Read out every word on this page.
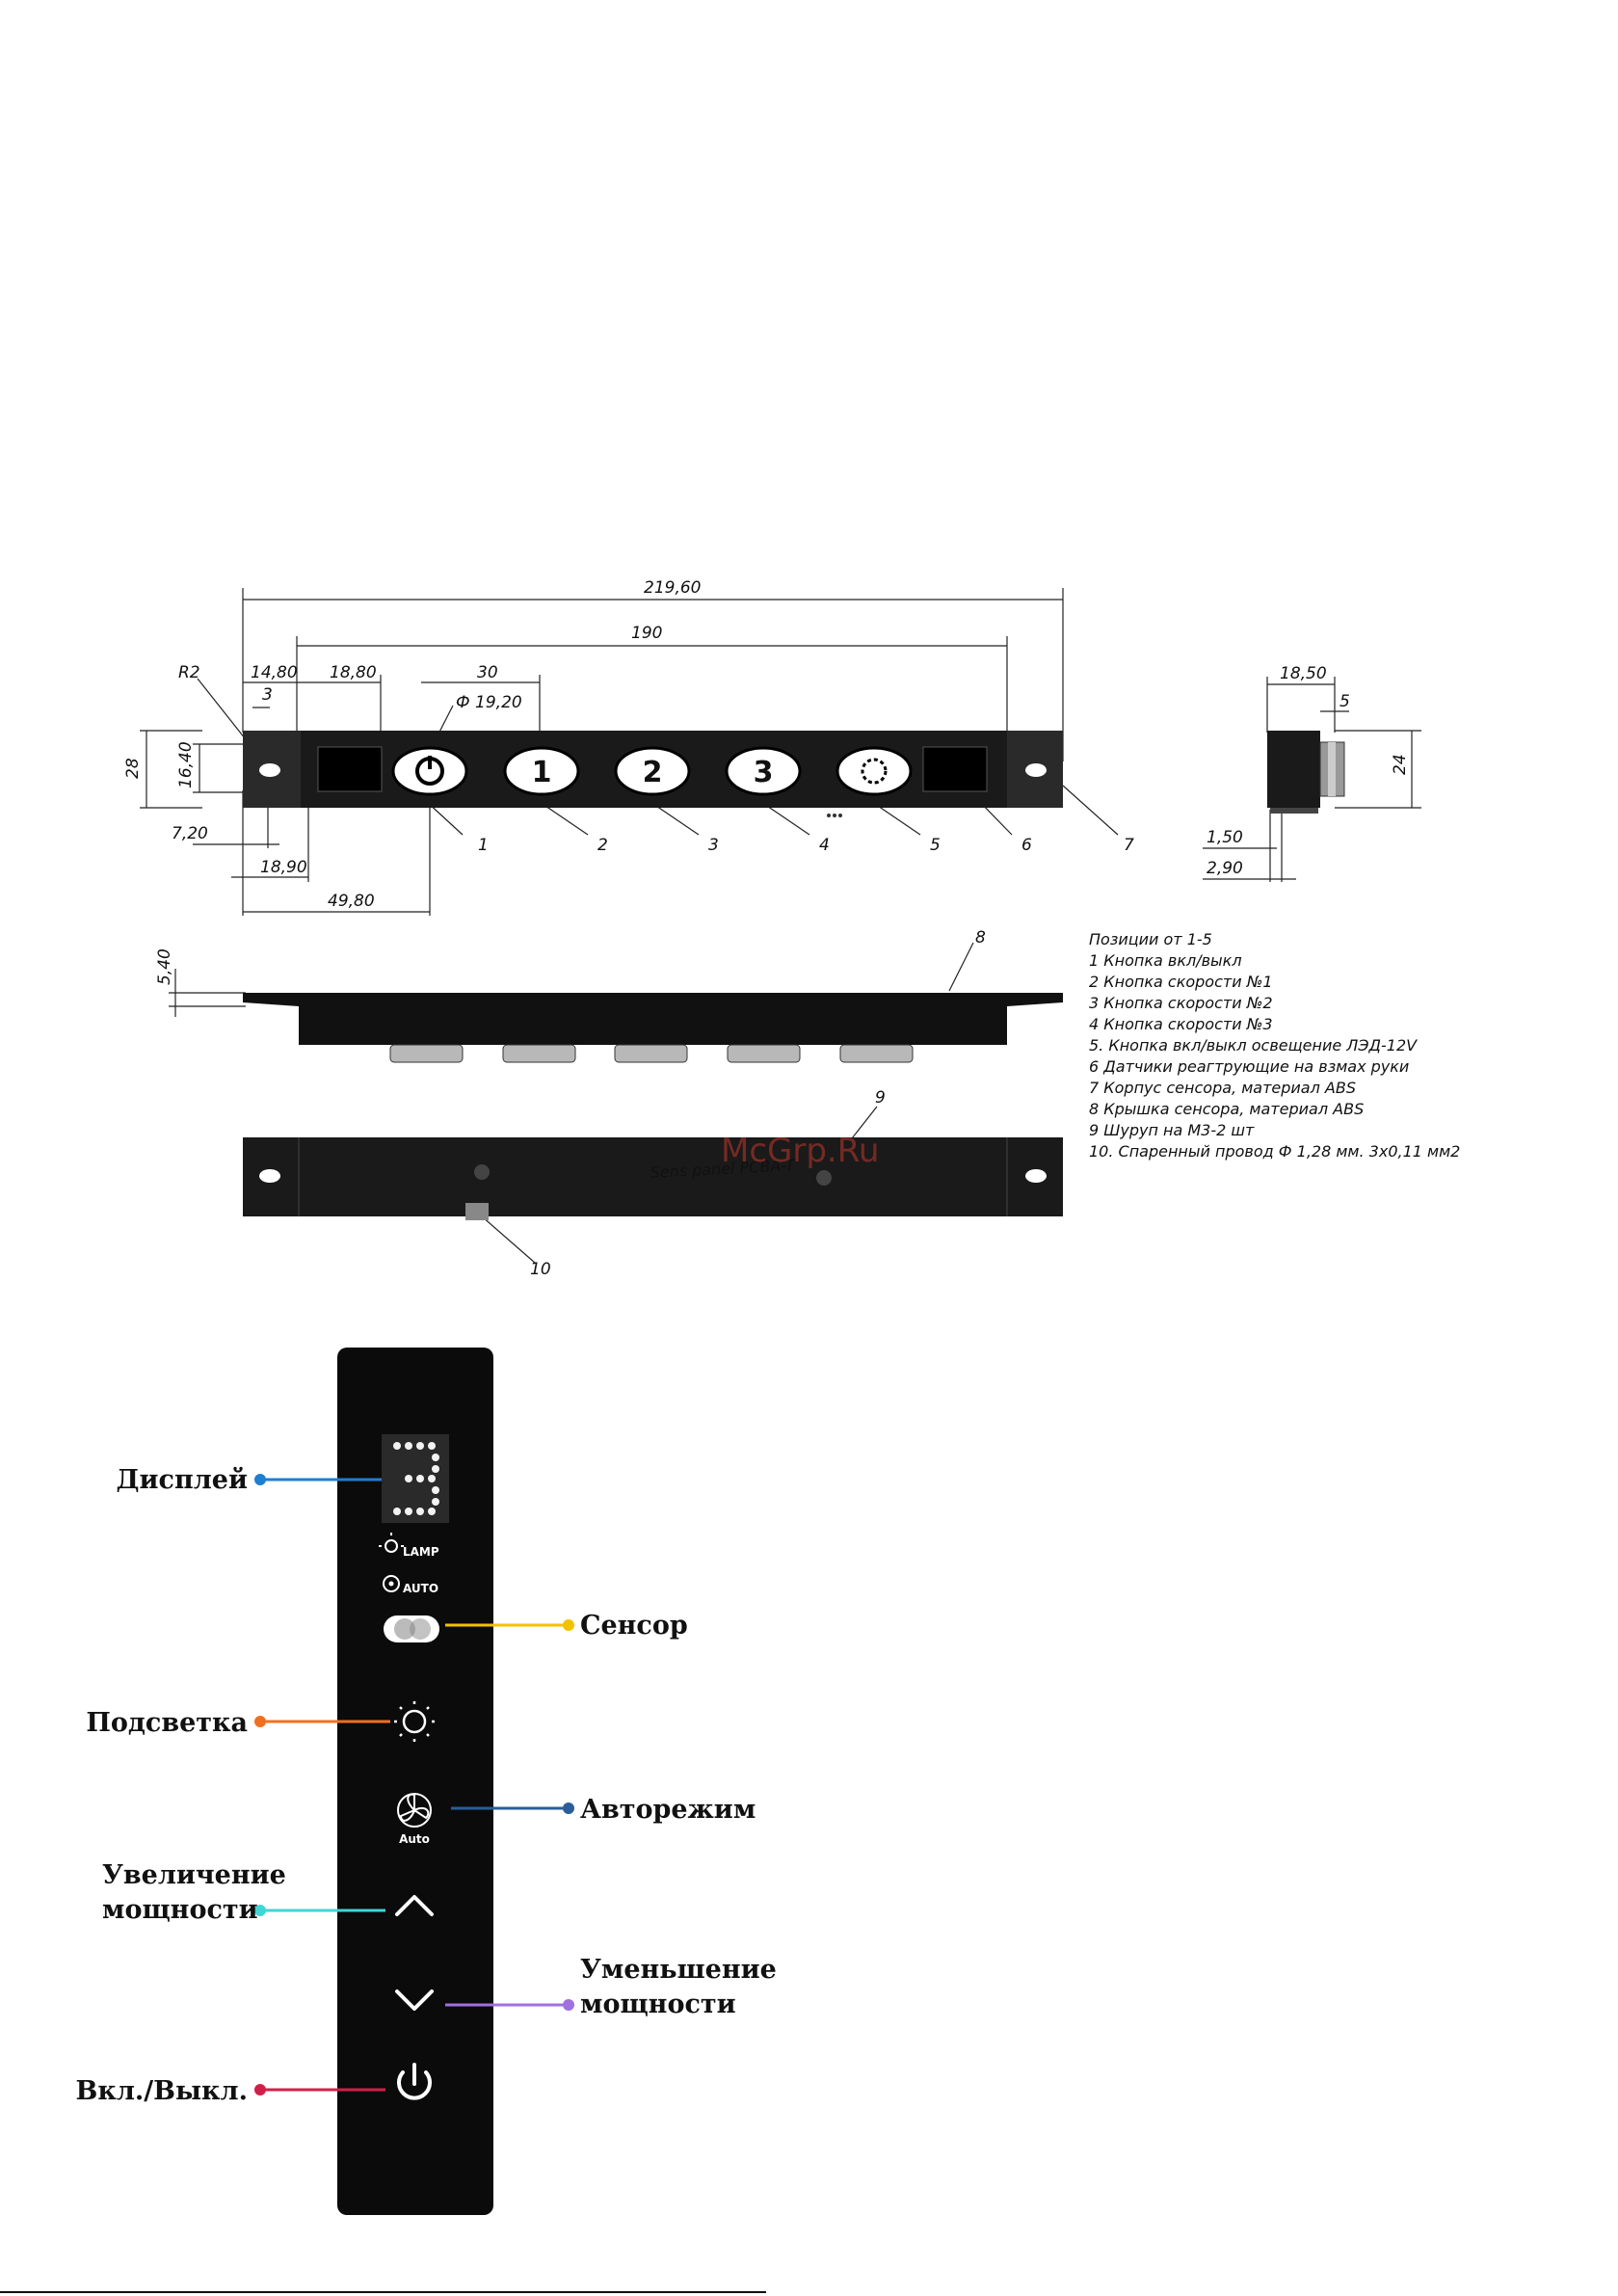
1	2	3
219,60
190
R2	14,80
3
18,80	30
Ф 19,20
28 16,40
7,20
18,90
49,80
18,50
5
24
1,50
2,90
5,40
1	2	3	4	5	6	7
8
9
10
Sens panel PCBA-T
McGrp.Ru
Позиции от 1-5
1 Кнопка вкл/выкл
2 Кнопка скорости №1
3 Кнопка скорости №2
4 Кнопка скорости №3
5. Кнопка вкл/выкл освещение ЛЭД-12V
6 Датчики реагтрующие на взмах руки
7 Корпус сенсора, материал ABS
8 Крышка сенсора, материал ABS
9 Шуруп на М3-2 шт
10. Спаренный провод Ф 1,28 мм. 3х0,11 мм2
LAMP
AUTO
Auto
Дисплей
Сенсор
Подсветка
Авторежим
Увеличение
мощности
Уменьшение
мощности
Вкл./Выкл.
